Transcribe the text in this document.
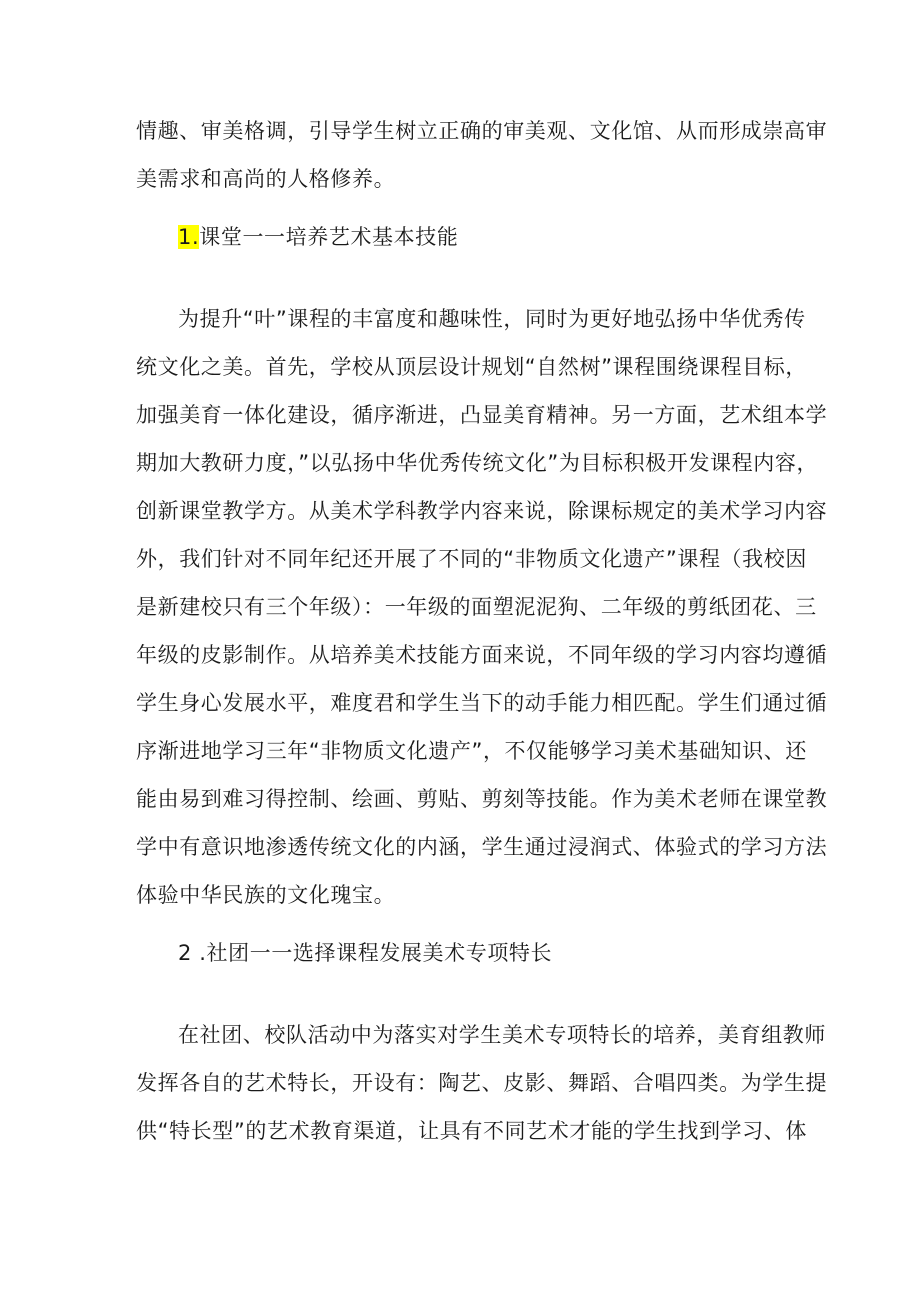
情趣、审美格调，引导学生树立正确的审美观、文化馆、从而形成崇高审
美需求和高尚的人格修养。
1.课堂一一培养艺术基本技能
为提升“叶”课程的丰富度和趣味性，同时为更好地弘扬中华优秀传
统文化之美。首先，学校从顶层设计规划“自然树”课程围绕课程目标，
加强美育一体化建设，循序渐进，凸显美育精神。另一方面，艺术组本学
期加大教研力度，”以弘扬中华优秀传统文化”为目标积极开发课程内容，
创新课堂教学方。从美术学科教学内容来说，除课标规定的美术学习内容
外，我们针对不同年纪还开展了不同的“非物质文化遗产”课程（我校因
是新建校只有三个年级）：一年级的面塑泥泥狗、二年级的剪纸团花、三
年级的皮影制作。从培养美术技能方面来说，不同年级的学习内容均遵循
学生身心发展水平，难度君和学生当下的动手能力相匹配。学生们通过循
序渐进地学习三年“非物质文化遗产”，不仅能够学习美术基础知识、还
能由易到难习得控制、绘画、剪贴、剪刻等技能。作为美术老师在课堂教
学中有意识地渗透传统文化的内涵，学生通过浸润式、体验式的学习方法
体验中华民族的文化瑰宝。
2 .社团一一选择课程发展美术专项特长
在社团、校队活动中为落实对学生美术专项特长的培养，美育组教师
发挥各自的艺术特长，开设有：陶艺、皮影、舞蹈、合唱四类。为学生提
供“特长型”的艺术教育渠道，让具有不同艺术才能的学生找到学习、体
